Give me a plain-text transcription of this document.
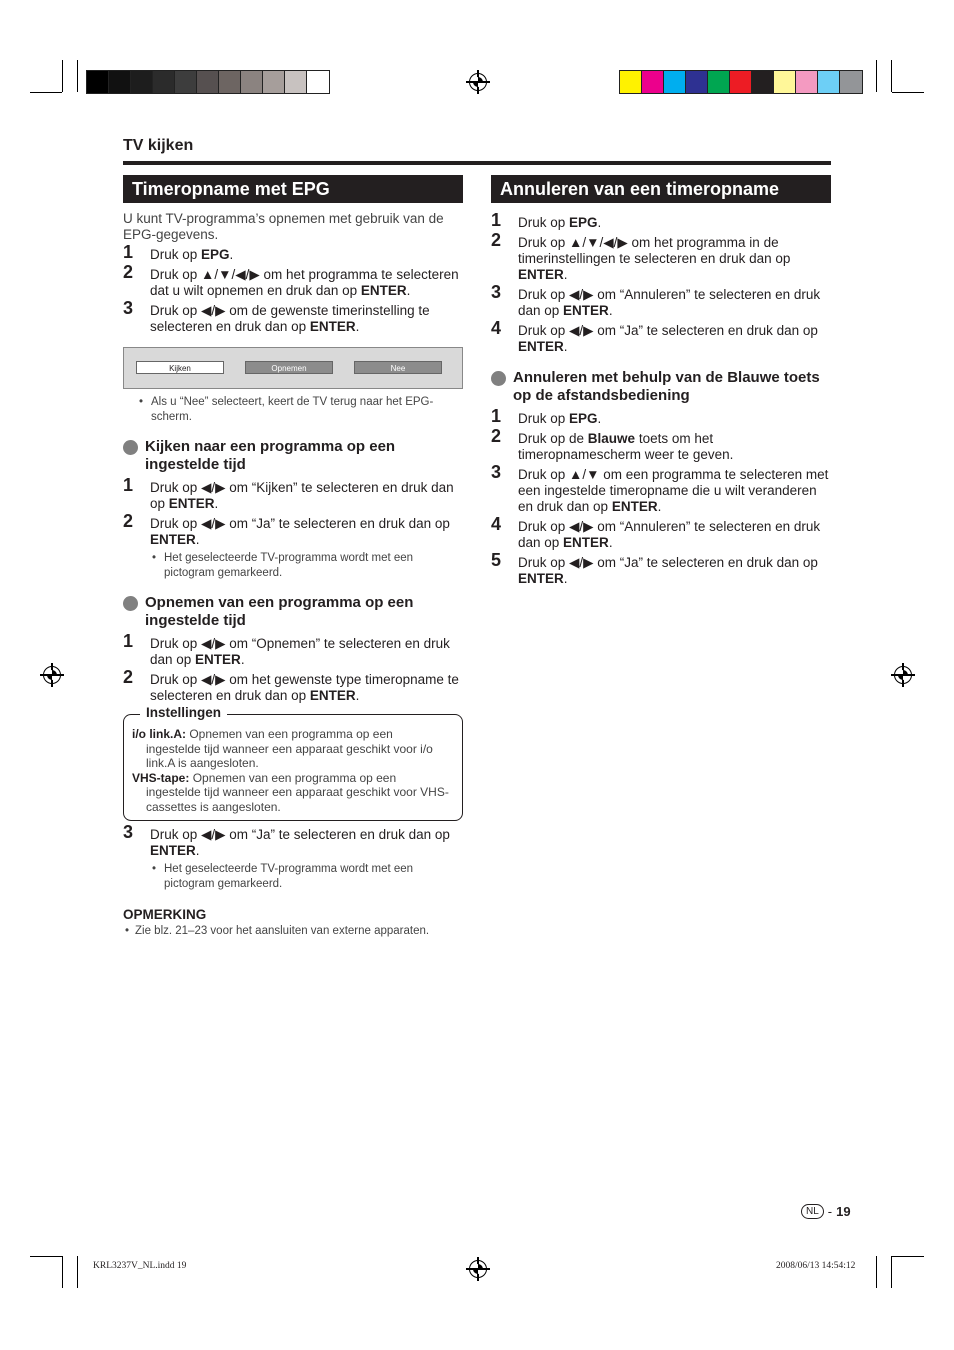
TV kijken
Timeropname met EPG	Annuleren van een timeropname
U kunt TV-programma’s opnemen met gebruik van de EPG-gegevens.
1 Druk op EPG.
2 Druk op ▲/▼/◀/▶ om het programma te selecteren dat u wilt opnemen en druk dan op ENTER.
3 Druk op ◀/▶ om de gewenste timerinstelling te selecteren en druk dan op ENTER.
Kijken	Opnemen	Nee
• Als u “Nee” selecteert, keert de TV terug naar het EPG-scherm.
Kijken naar een programma op een ingestelde tijd
1 Druk op ◀/▶ om “Kijken” te selecteren en druk dan op ENTER.
2 Druk op ◀/▶ om “Ja” te selecteren en druk dan op ENTER.
• Het geselecteerde TV-programma wordt met een pictogram gemarkeerd.
Opnemen van een programma op een ingestelde tijd
1 Druk op ◀/▶ om “Opnemen” te selecteren en druk dan op ENTER.
2 Druk op ◀/▶ om het gewenste type timeropname te selecteren en druk dan op ENTER.
Instellingen
i/o link.A: Opnemen van een programma op een
ingestelde tijd wanneer een apparaat geschikt voor i/o link.A is aangesloten.
VHS-tape: Opnemen van een programma op een
ingestelde tijd wanneer een apparaat geschikt voor VHS-cassettes is aangesloten.
3 Druk op ◀/▶ om “Ja” te selecteren en druk dan op ENTER.
• Het geselecteerde TV-programma wordt met een pictogram gemarkeerd.
OPMERKING
• Zie blz. 21–23 voor het aansluiten van externe apparaten.
1 Druk op EPG.
2 Druk op ▲/▼/◀/▶ om het programma in de timerinstellingen te selecteren en druk dan op ENTER.
3 Druk op ◀/▶ om “Annuleren” te selecteren en druk dan op ENTER.
4 Druk op ◀/▶ om “Ja” te selecteren en druk dan op ENTER.
Annuleren met behulp van de Blauwe toets op de afstandsbediening
1 Druk op EPG.
2 Druk op de Blauwe toets om het timeropnamescherm weer te geven.
3 Druk op ▲/▼ om een programma te selecteren met een ingestelde timeropname die u wilt veranderen en druk dan op ENTER.
4 Druk op ◀/▶ om “Annuleren” te selecteren en druk dan op ENTER.
5 Druk op ◀/▶ om “Ja” te selecteren en druk dan op ENTER.
NL - 19
KRL3237V_NL.indd 19	2008/06/13 14:54:12
